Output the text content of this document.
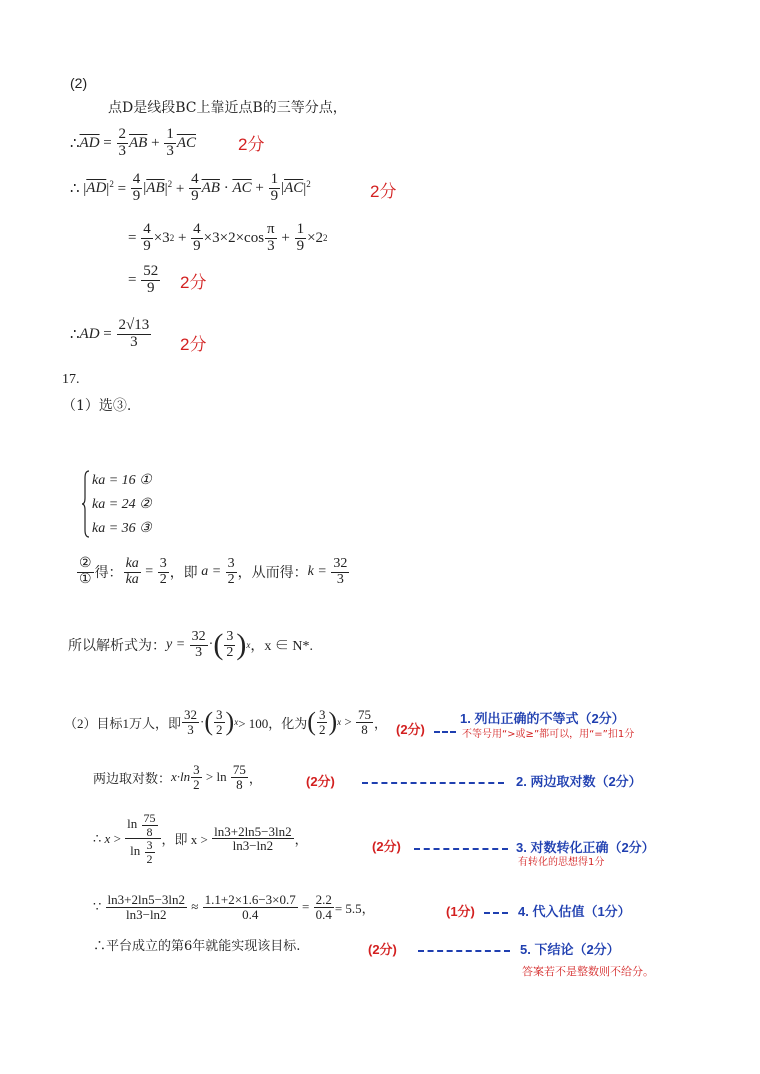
(2)
点D是线段BC上靠近点B的三等分点，
∴ $\overline{AD} = \frac{2}{3} \overline{AB} + \frac{1}{3} \overline{AC}$ 2分
∴ | $\overline{AD}$ $|^2 = \frac{4}{9}$ | $\overline{AB}$ $|^2 + \frac{4}{9} \overline{AB} \cdot \overline{AC} + \frac{1}{9}$ | $\overline{AC}$ $|^2$	2分
= $\frac{4}{9} \times 3$ $2 + \frac{4}{9} \times 3\times 2\times\cos \frac{\pi}{3} + \frac{1}{9} \times 2$ 2
= $\frac{52}{9} 2$分
∴ AD = $\frac{2√13}{3} 2$分
17.
（1）选③.
ka = 16 ①
ka = 24 ②
ka = 36 ③
$\frac{\text{②}}{\text{①}}$ 得： $\frac{ka}{ka} = \frac{3}{2}$ ，即
a =
$\frac{3}{2}$ ，从而得： k =
$\frac{32}{3}$
所以解析式为： y =
$\frac{32}{3}$ · ( $\frac{3}{2}$ ) x ，x ∈ N*.
（2）目标1万人，即 $\frac{32}{3}$ · ( $\frac{3}{2}$ ) x > 100，化为 ( $\frac{3}{2}$ ) $x > \frac{75}{8}$ ， (2分)
1. 列出正确的不等式（2分）
不等号用“>或≥”都可以，用“=”扣1分
两边取对数： $x\cdot\ln \frac{3}{2} > \ln \frac{75}{8}$ ，	(2分)	2. 两边取对数（2分）
∴ $x > \frac{\ln \frac{75}{8}}{\ln \frac{3}{2}}$ ，即 x >
$\frac{\ln 3+2\ln 5-3\ln 2}{\ln 3-\ln 2}$ ，	(2分)	3. 对数转化正确（2分）
有转化的思想得1分
∵ $\frac{\ln 3+2\ln 5-3\ln 2}{\ln 3-\ln 2} \approx \frac{1.1+2\times 1.6-3\times 0.7}{0.4} = \frac{2.2}{0.4} = 5.5$，	(1分)	4. 代入估值（1分）
∴平台成立的第6年就能实现该目标.	(2分)	5. 下结论（2分）
答案若不是整数则不给分。
